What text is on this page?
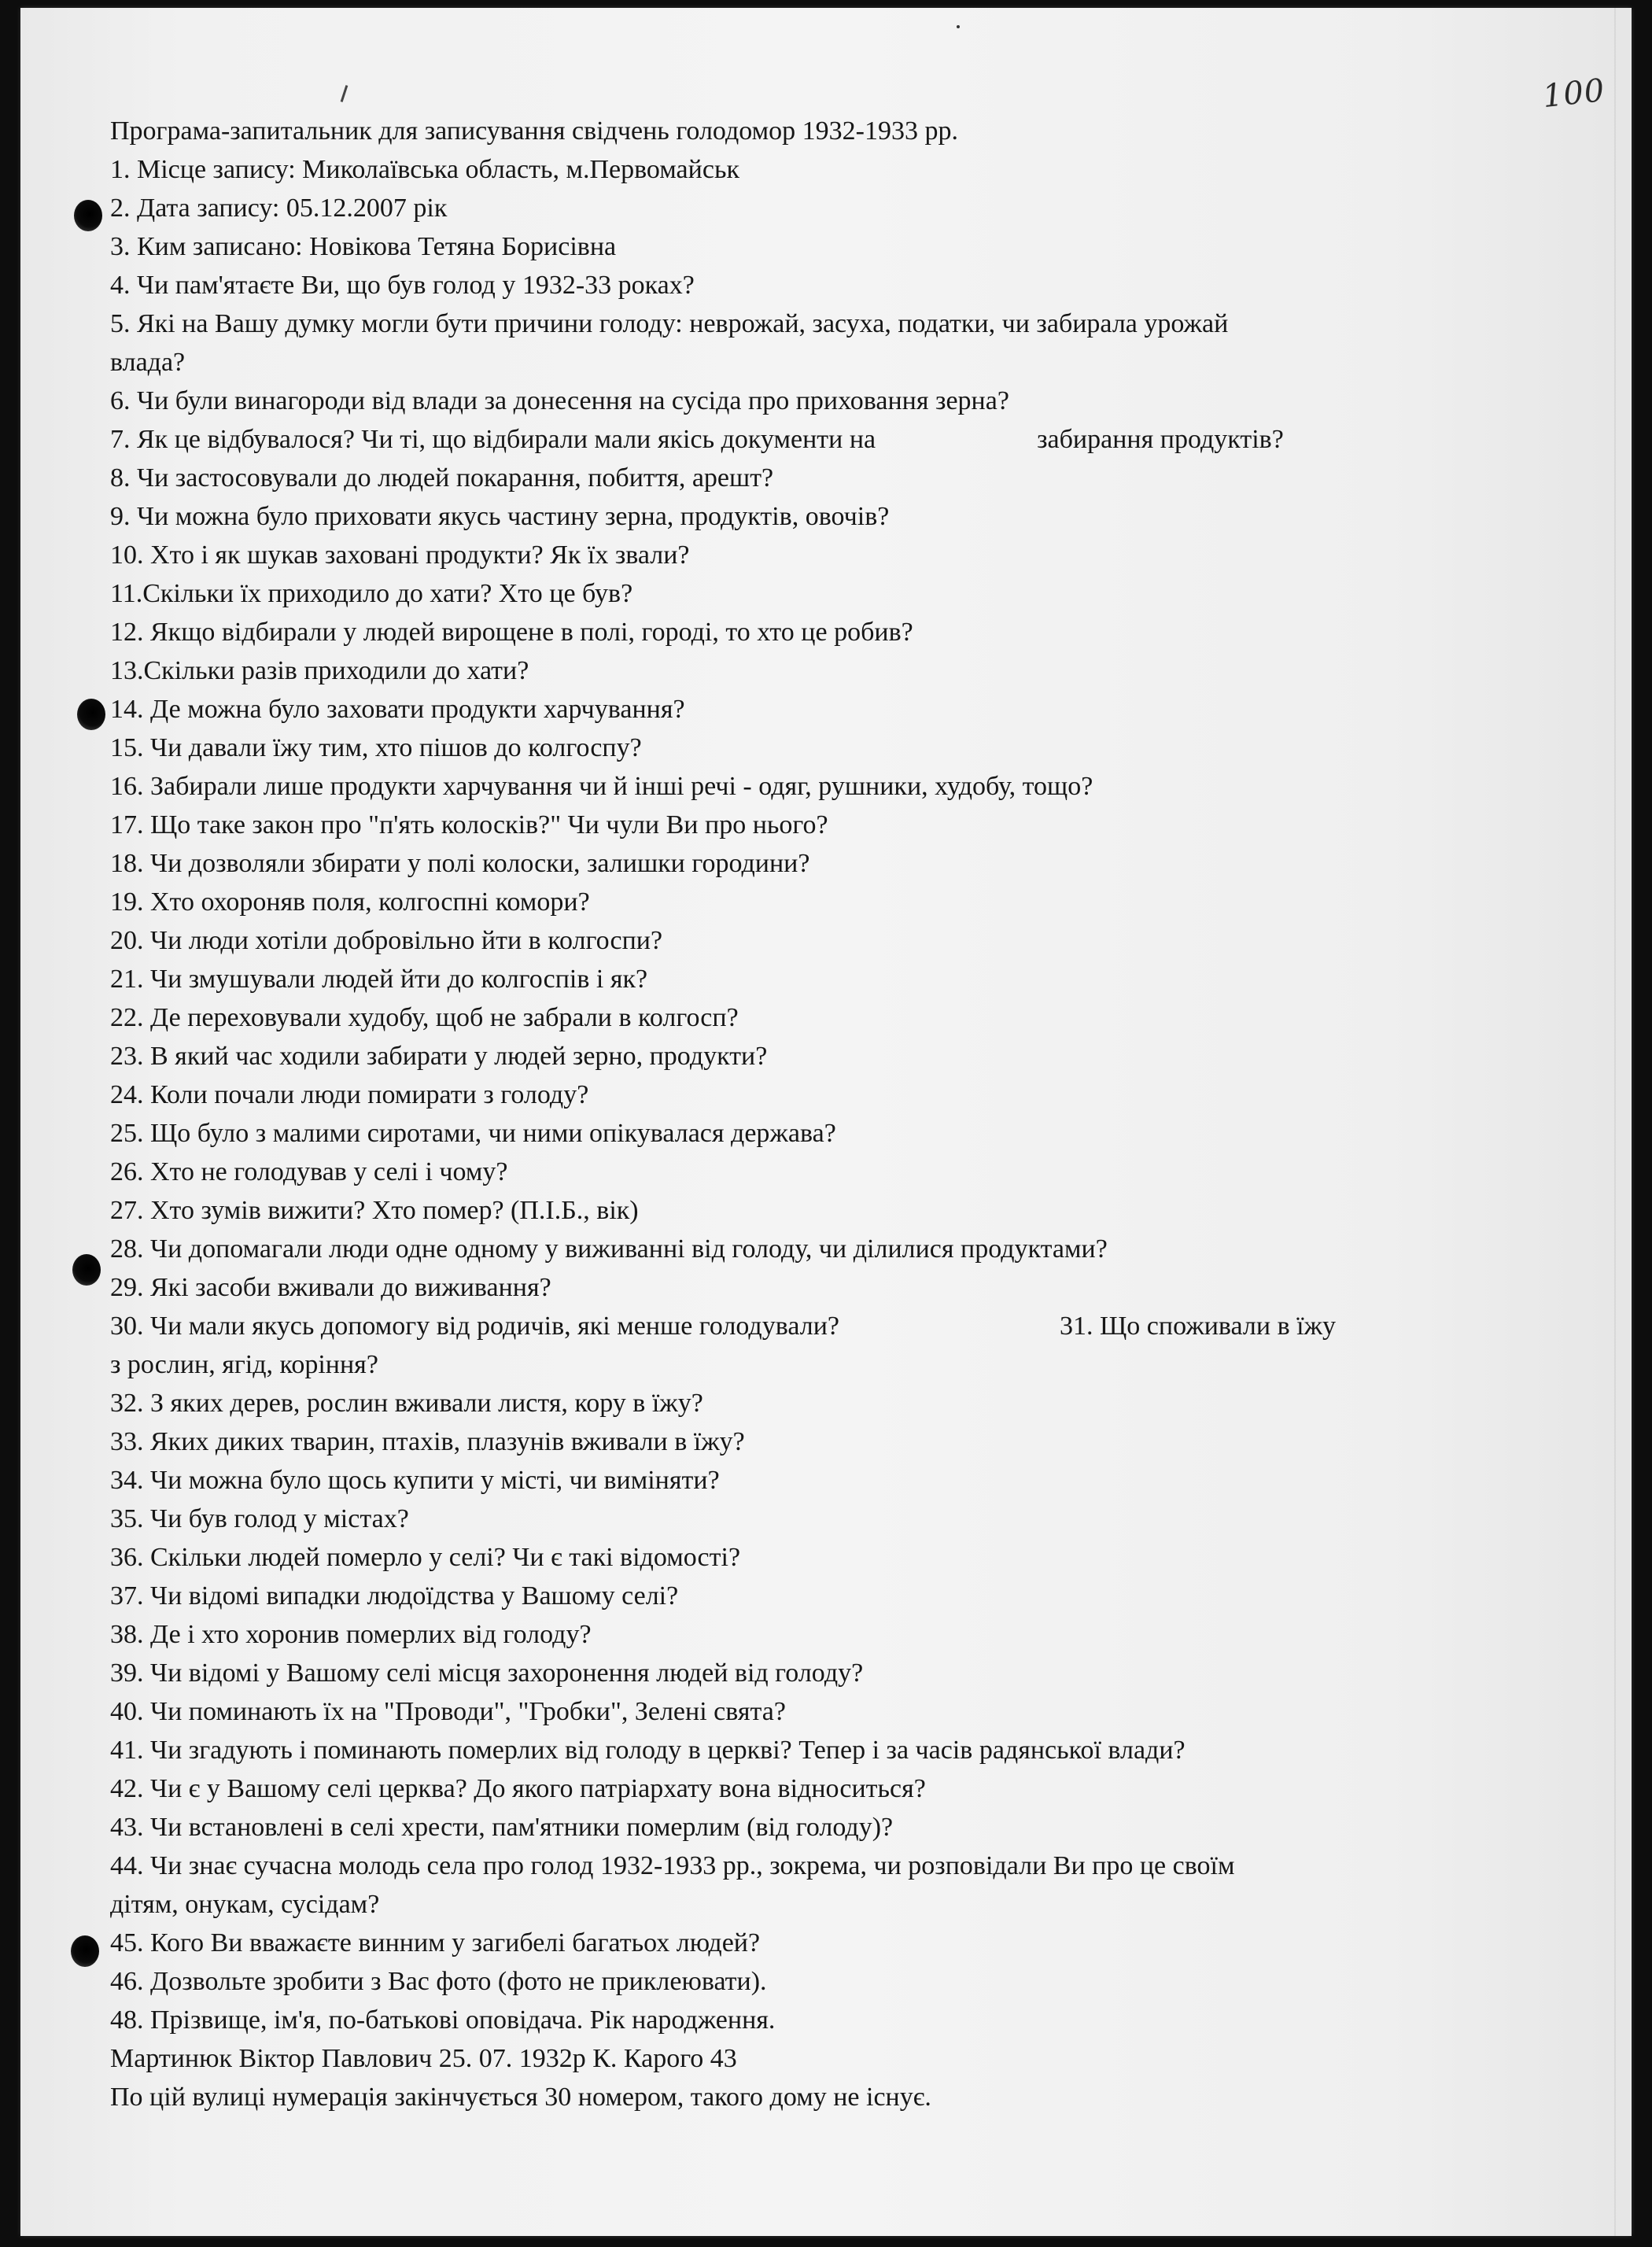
100
Програма-запитальник для записування свідчень голодомор 1932-1933 рр.
1. Місце запису: Миколаївська область, м.Первомайськ
2. Дата запису: 05.12.2007 рік
3. Ким записано: Новікова Тетяна Борисівна
4. Чи пам'ятаєте Ви, що був голод у 1932-33 роках?
5. Які на Вашу думку могли бути причини голоду: неврожай, засуха, податки, чи забирала урожай
влада?
6. Чи були винагороди від влади за донесення на сусіда про приховання зерна?
7. Як це відбувалося? Чи ті, що відбирали мали якісь документи на	забирання продуктів?
8. Чи застосовували до людей покарання, побиття, арешт?
9. Чи можна було приховати якусь частину зерна, продуктів, овочів?
10. Хто і як шукав заховані продукти? Як їх звали?
11.Скільки їх приходило до хати? Хто це був?
12. Якщо відбирали у людей вирощене в полі, городі, то хто це робив?
13.Скільки разів приходили до хати?
14. Де можна було заховати продукти харчування?
15. Чи давали їжу тим, хто пішов до колгоспу?
16. Забирали лише продукти харчування чи й інші речі - одяг, рушники, худобу, тощо?
17. Що таке закон про "п'ять колосків?" Чи чули Ви про нього?
18. Чи дозволяли збирати у полі колоски, залишки городини?
19. Хто охороняв поля, колгоспні комори?
20. Чи люди хотіли добровільно йти в колгоспи?
21. Чи змушували людей йти до колгоспів і як?
22. Де переховували худобу, щоб не забрали в колгосп?
23. В який час ходили забирати у людей зерно, продукти?
24. Коли почали люди помирати з голоду?
25. Що було з малими сиротами, чи ними опікувалася держава?
26. Хто не голодував у селі і чому?
27. Хто зумів вижити? Хто помер? (П.І.Б., вік)
28. Чи допомагали люди одне одному у виживанні від голоду, чи ділилися продуктами?
29. Які засоби вживали до виживання?
30. Чи мали якусь допомогу від родичів, які менше голодували?	31. Що споживали в їжу
з рослин, ягід, коріння?
32. З яких дерев, рослин вживали листя, кору в їжу?
33. Яких диких тварин, птахів, плазунів вживали в їжу?
34. Чи можна було щось купити у місті, чи виміняти?
35. Чи був голод у містах?
36. Скільки людей померло у селі? Чи є такі відомості?
37. Чи відомі випадки людоїдства у Вашому селі?
38. Де і хто хоронив померлих від голоду?
39. Чи відомі у Вашому селі місця захоронення людей від голоду?
40. Чи поминають їх на "Проводи", "Гробки", Зелені свята?
41. Чи згадують і поминають померлих від голоду в церкві? Тепер і за часів радянської влади?
42. Чи є у Вашому селі церква? До якого патріархату вона відноситься?
43. Чи встановлені в селі хрести, пам'ятники померлим (від голоду)?
44. Чи знає сучасна молодь села про голод 1932-1933 рр., зокрема, чи розповідали Ви про це своїм
дітям, онукам, сусідам?
45. Кого Ви вважаєте винним у загибелі багатьох людей?
46. Дозвольте зробити з Вас фото (фото не приклеювати).
48. Прізвище, ім'я, по-батькові оповідача. Рік народження.
Мартинюк Віктор Павлович 25. 07. 1932р К. Карого 43
По цій вулиці нумерація закінчується 30 номером, такого дому не існує.
